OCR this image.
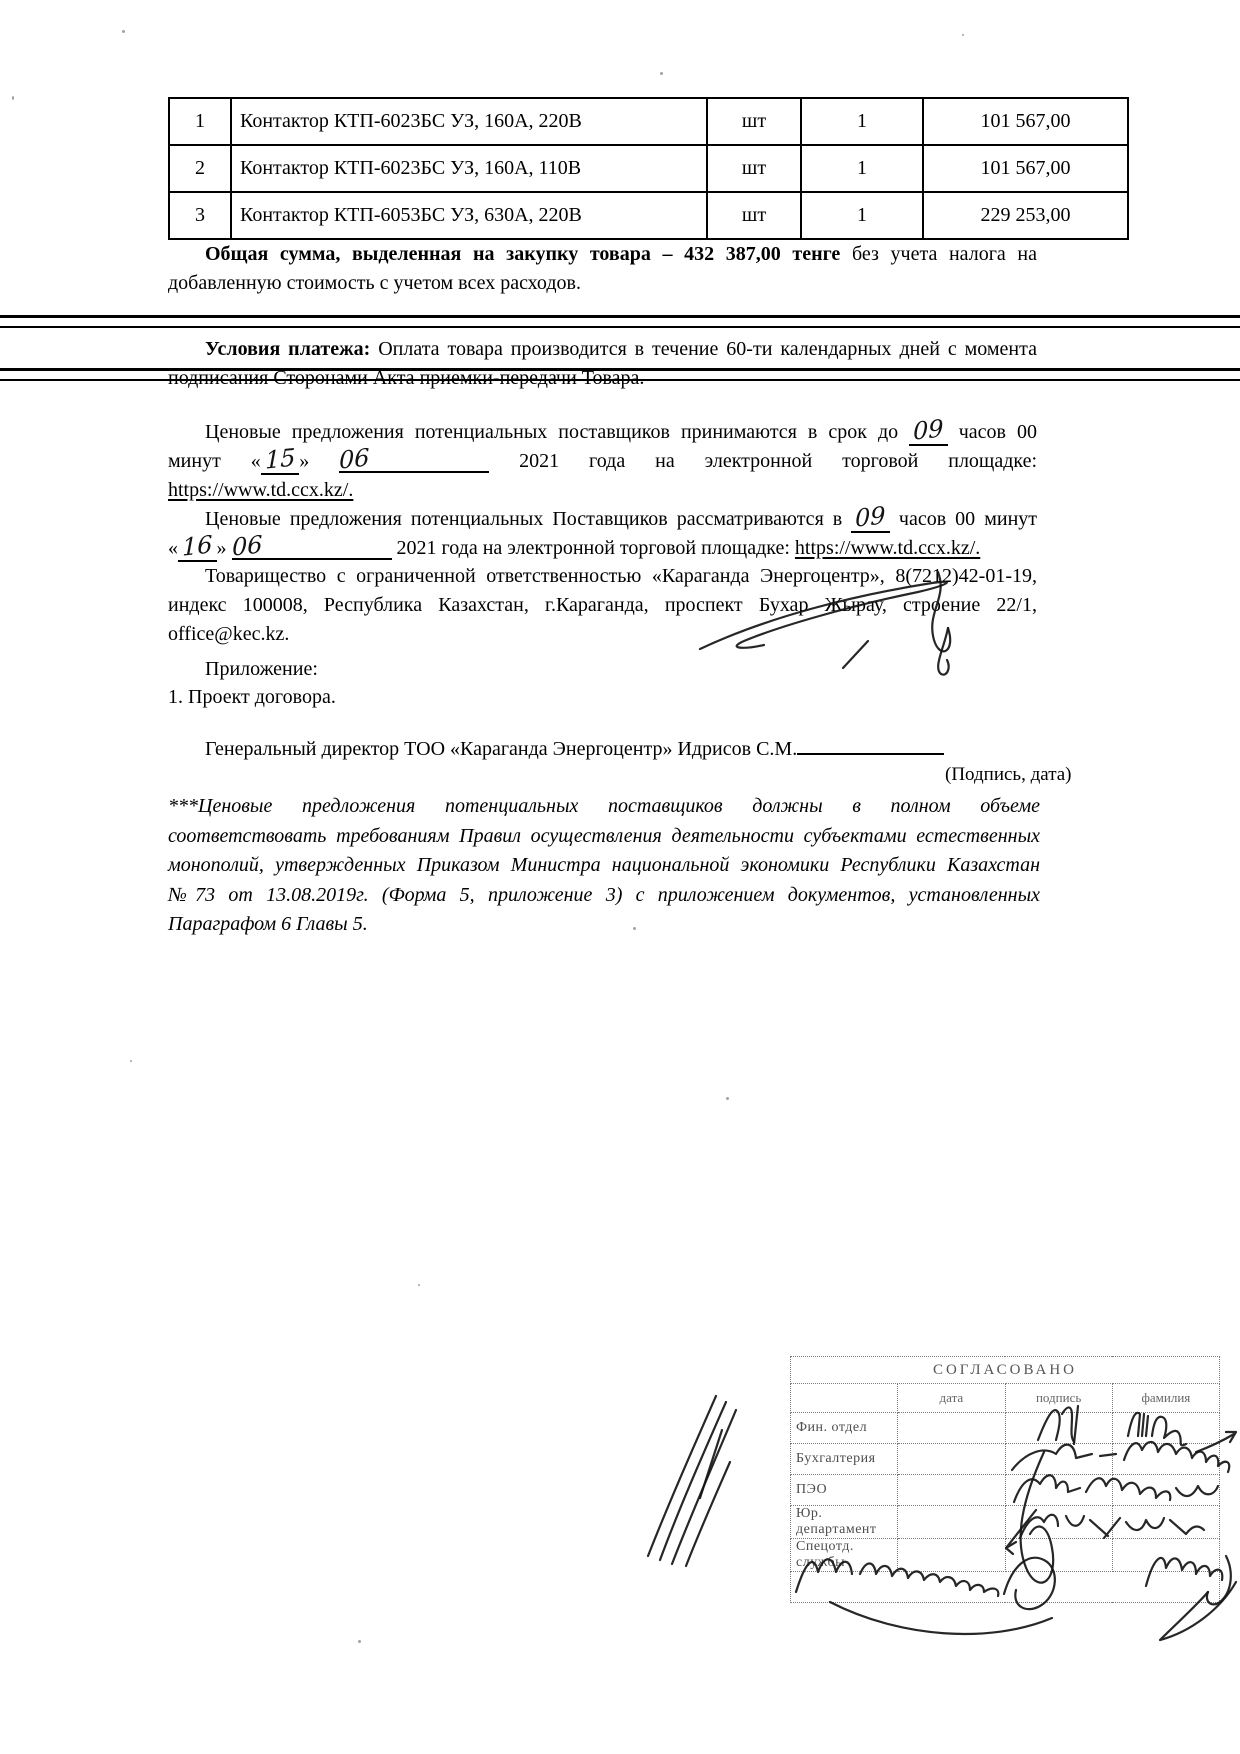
1	Контактор КТП-6023БС УЗ, 160А, 220В	шт	1	101 567,00
2	Контактор КТП-6023БС УЗ, 160А, 110В	шт	1	101 567,00
3	Контактор КТП-6053БС УЗ, 630А, 220В	шт	1	229 253,00
Общая сумма, выделенная на закупку товара – 432 387,00 тенге без учета налога на
добавленную стоимость с учетом всех расходов.
Условия платежа: Оплата товара производится в течение 60-ти календарных дней с момента
подписания Сторонами Акта приемки-передачи Товара.
Ценовые предложения потенциальных поставщиков принимаются в срок до 09 часов 00
минут « 15 » 06	2021 года на электронной торговой площадке:
https://www.td.ccx.kz/.
Ценовые предложения потенциальных Поставщиков рассматриваются в 09 часов 00 минут
« 16 » 06	2021 года на электронной торговой площадке: https://www.td.ccx.kz/.
Товарищество с ограниченной ответственностью «Караганда Энергоцентр», 8(7212)42-01-19,
индекс 100008, Республика Казахстан, г.Караганда, проспект Бухар Жырау, строение 22/1,
office@kec.kz.
Приложение:
1. Проект договора.
Генеральный директор ТОО «Караганда Энергоцентр» Идрисов С.М.
(Подпись, дата)
***Ценовые предложения потенциальных поставщиков должны в полном объеме
соответствовать требованиям Правил осуществления деятельности субъектами естественных
монополий, утвержденных Приказом Министра национальной экономики Республики Казахстан
№73 от 13.08.2019г. (Форма 5, приложение 3) с приложением документов, установленных
Параграфом 6 Главы 5.
СОГЛАСОВАНО			
	дата	подпись	фамилия
Фин. отдел			
Бухгалтерия			
ПЭО			
Юр. департамент			
Спецотд. службы			
